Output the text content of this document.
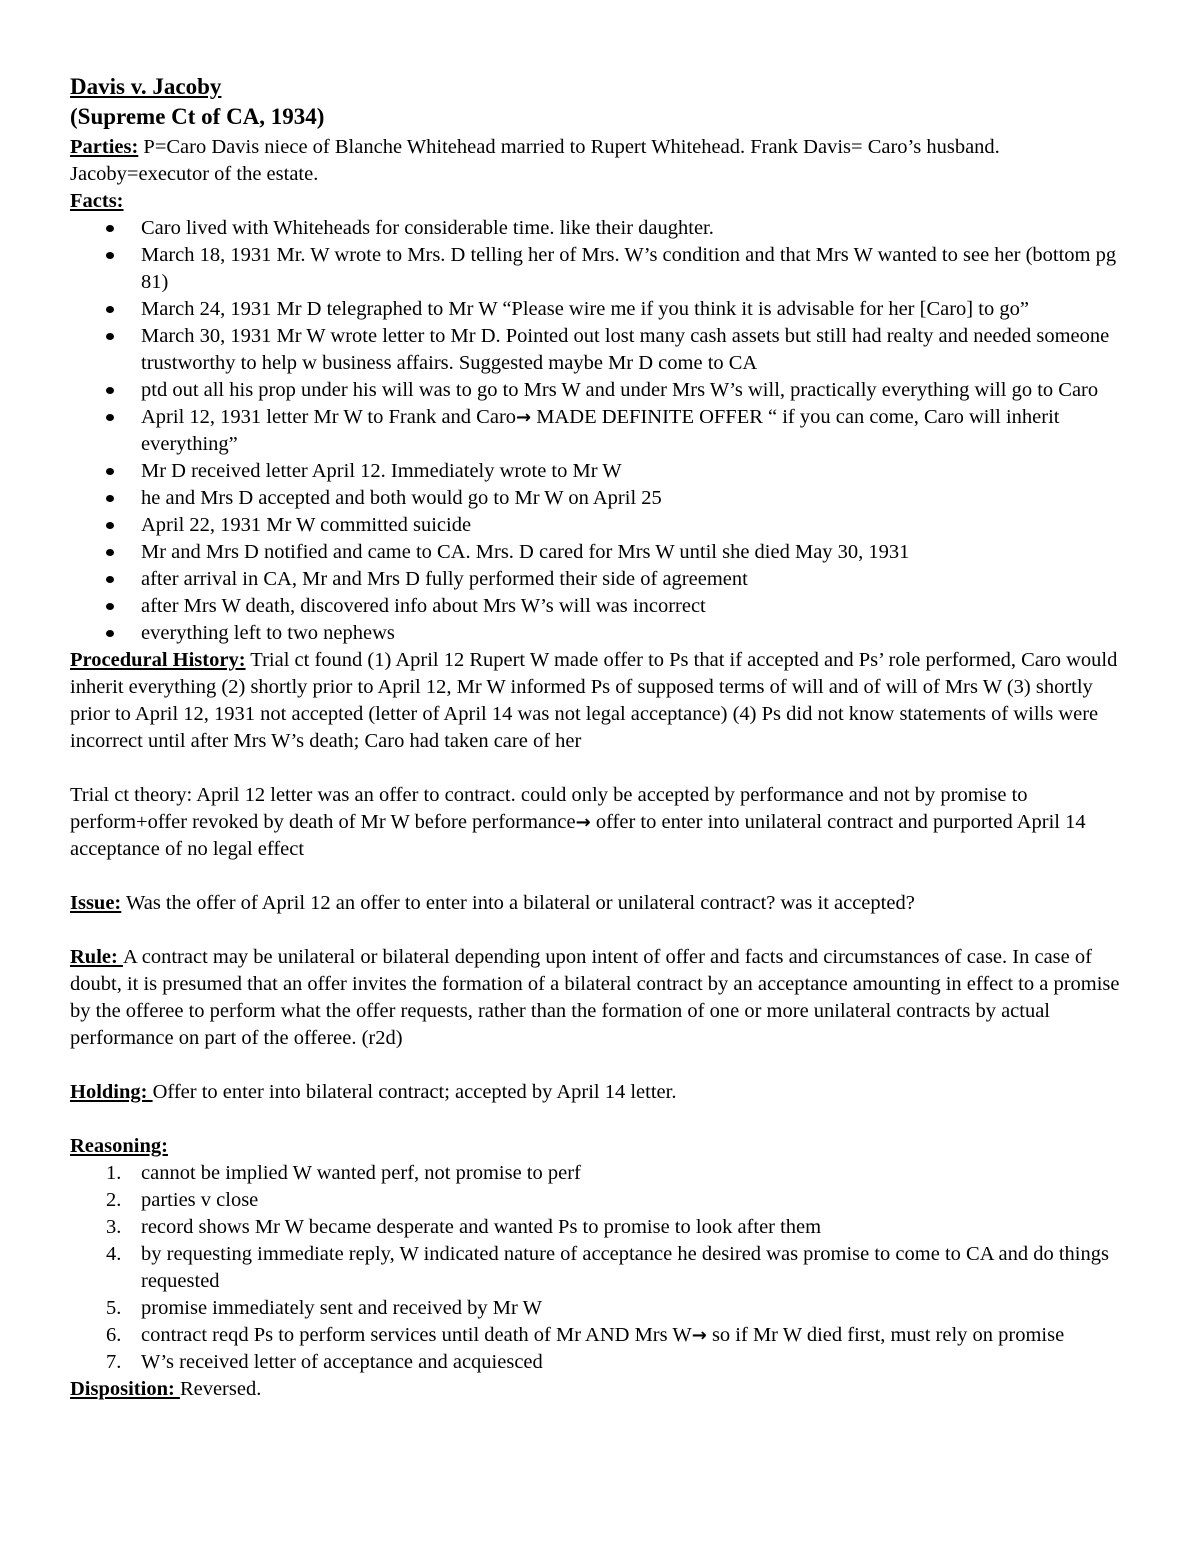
Davis v. Jacoby
(Supreme Ct of CA, 1934)
Parties: P=Caro Davis niece of Blanche Whitehead married to Rupert Whitehead. Frank Davis= Caro’s husband. Jacoby=executor of the estate.
Facts:
Caro lived with Whiteheads for considerable time. like their daughter.
March 18, 1931 Mr. W wrote to Mrs. D telling her of Mrs. W’s condition and that Mrs W wanted to see her (bottom pg 81)
March 24, 1931 Mr D telegraphed to Mr W “Please wire me if you think it is advisable for her [Caro] to go”
March 30, 1931 Mr W wrote letter to Mr D. Pointed out lost many cash assets but still had realty and needed someone trustworthy to help w business affairs. Suggested maybe Mr D come to CA
ptd out all his prop under his will was to go to Mrs W and under Mrs W’s will, practically everything will go to Caro
April 12, 1931 letter Mr W to Frank and Caro→ MADE DEFINITE OFFER “ if you can come, Caro will inherit everything”
Mr D received letter April 12. Immediately wrote to Mr W
he and Mrs D accepted and both would go to Mr W on April 25
April 22, 1931 Mr W committed suicide
Mr and Mrs D notified and came to CA. Mrs. D cared for Mrs W until she died May 30, 1931
after arrival in CA, Mr and Mrs D fully performed their side of agreement
after Mrs W death, discovered info about Mrs W’s will was incorrect
everything left to two nephews
Procedural History: Trial ct found (1) April 12 Rupert W made offer to Ps that if accepted and Ps’ role performed, Caro would inherit everything (2) shortly prior to April 12, Mr W informed Ps of supposed terms of will and of will of Mrs W (3) shortly prior to April 12, 1931 not accepted (letter of April 14 was not legal acceptance) (4) Ps did not know statements of wills were incorrect until after Mrs W’s death; Caro had taken care of her
Trial ct theory: April 12 letter was an offer to contract. could only be accepted by performance and not by promise to perform+offer revoked by death of Mr W before performance→ offer to enter into unilateral contract and purported April 14 acceptance of no legal effect
Issue: Was the offer of April 12 an offer to enter into a bilateral or unilateral contract? was it accepted?
Rule: A contract may be unilateral or bilateral depending upon intent of offer and facts and circumstances of case. In case of doubt, it is presumed that an offer invites the formation of a bilateral contract by an acceptance amounting in effect to a promise by the offeree to perform what the offer requests, rather than the formation of one or more unilateral contracts by actual performance on part of the offeree. (r2d)
Holding: Offer to enter into bilateral contract; accepted by April 14 letter.
Reasoning:
1. cannot be implied W wanted perf, not promise to perf
2. parties v close
3. record shows Mr W became desperate and wanted Ps to promise to look after them
4. by requesting immediate reply, W indicated nature of acceptance he desired was promise to come to CA and do things requested
5. promise immediately sent and received by Mr W
6. contract reqd Ps to perform services until death of Mr AND Mrs W→ so if Mr W died first, must rely on promise
7. W’s received letter of acceptance and acquiesced
Disposition: Reversed.
